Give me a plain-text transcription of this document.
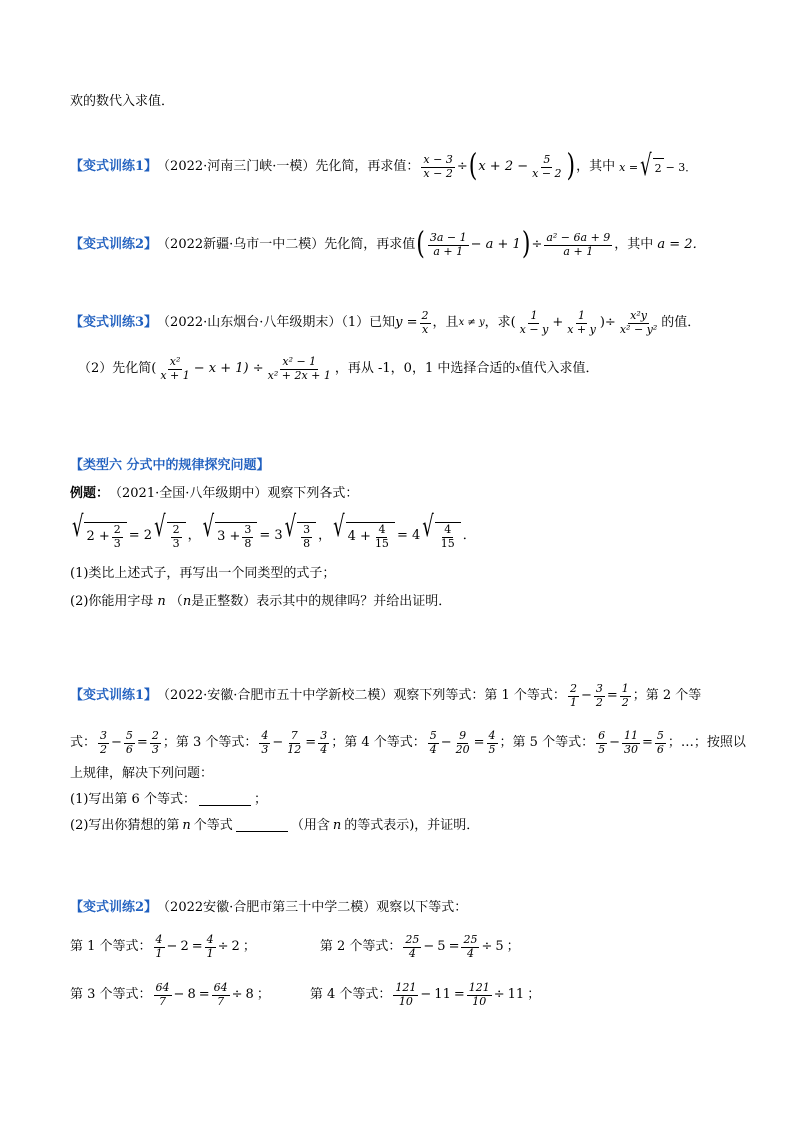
欢的数代入求值．
【变式训练1】 （2022·河南三门峡·一模）先化简，再求值： $\frac{x - 3}{x - 2}$ ÷ ( $x + 2 - \frac{5}{x - 2}$ ) ，其中 x = √ 2 − 3．
【变式训练2】 （2022新疆·乌市一中二模）先化简，再求值 ( $\frac{3a - 1}{a + 1} - a + 1$ ) ÷ $\frac{\text{a² − 6a + 9}}{a + 1}$ ，其中 a = 2．
【变式训练3】 （2022·山东烟台·八年级期末）（1）已知 $y = \frac{2}{x}$ ，且 x ≠ y ，求( $\frac{1}{x - y} + \frac{1}{x + y}$ )÷ $\frac{\text{x²y}}{\text{x² − y²}}$ 的值．
（2）先化简( $\frac{\text{x²}}{x + 1} - x + 1) \div \frac{\text{x² − 1}}{\text{x² + 2x + 1}}$ ，再从 -1，0，1 中选择合适的 x 值代入求值．
【类型六 分式中的规律探究问题】
例题： （2021·全国·八年级期中）观察下列各式：
√ $2 + \frac{2}{3} = 2$ √ $\frac{2}{3}$ ， √ $3 + \frac{3}{8} = 3$ √ $\frac{3}{8}$ ， √ $4 + \frac{4}{15} = 4$ √ $\frac{4}{15}$ ．
(1)类比上述式子，再写出一个同类型的式子；
(2)你能用字母 n （ n 是正整数）表示其中的规律吗？并给出证明．
【变式训练1】 （2022·安徽·合肥市五十中学新校二模）观察下列等式：第 1 个等式： $\frac{2}{1} - \frac{3}{2} = \frac{1}{2}$ ；第 2 个等
式： $\frac{3}{2} - \frac{5}{6} = \frac{2}{3}$ ；第 3 个等式： $\frac{4}{3} - \frac{7}{12} = \frac{3}{4}$ ；第 4 个等式： $\frac{5}{4} - \frac{9}{20} = \frac{4}{5}$ ；第 5 个等式： $\frac{6}{5} - \frac{11}{30} = \frac{5}{6}$ ；…；按照以
上规律，解决下列问题：
(1)写出第 6 个等式：	；
(2)写出你猜想的第 n 个等式	（用含 n 的等式表示)，并证明．
【变式训练2】 （2022安徽·合肥市第三十中学二模）观察以下等式：
第 1 个等式： $\frac{4}{1} - 2 = \frac{4}{1} \div 2$ ；	第 2 个等式： $\frac{25}{4} - 5 = \frac{25}{4} \div 5$ ；
第 3 个等式： $\frac{64}{7} - 8 = \frac{64}{7} \div 8$ ；	第 4 个等式： $\frac{121}{10} - 11 = \frac{121}{10} \div 11$ ；
